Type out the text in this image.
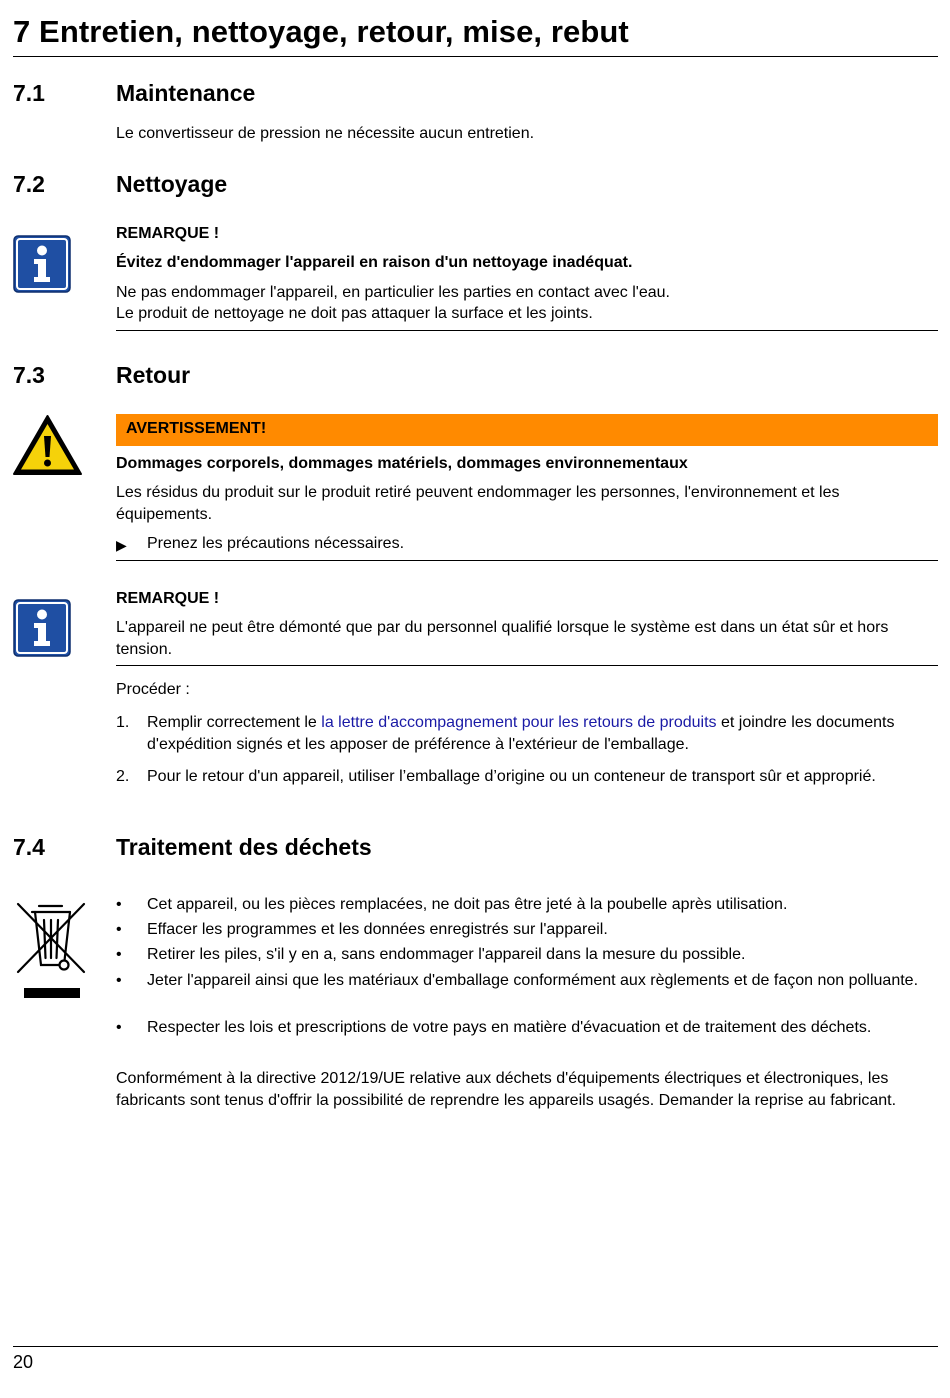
7 Entretien, nettoyage, retour, mise, rebut
7.1	Maintenance
Le convertisseur de pression ne nécessite aucun entretien.
7.2	Nettoyage
REMARQUE !
Évitez d'endommager l'appareil en raison d'un nettoyage inadéquat.
Ne pas endommager l'appareil, en particulier les parties en contact avec l'eau.
Le produit de nettoyage ne doit pas attaquer la surface et les joints.
7.3	Retour
AVERTISSEMENT!
Dommages corporels, dommages matériels, dommages environnementaux
Les résidus du produit sur le produit retiré peuvent endommager les personnes, l'environnement et les équipements.
▶ Prenez les précautions nécessaires.
REMARQUE !
L'appareil ne peut être démonté que par du personnel qualifié lorsque le système est dans un état sûr et hors tension.
Procéder :
1. Remplir correctement le la lettre d'accompagnement pour les retours de produits et joindre les documents d'expédition signés et les apposer de préférence à l'extérieur de l'emballage.
2. Pour le retour d'un appareil, utiliser l’emballage d’origine ou un conteneur de transport sûr et approprié.
7.4	Traitement des déchets
• Cet appareil, ou les pièces remplacées, ne doit pas être jeté à la poubelle après utilisation.
• Effacer les programmes et les données enregistrés sur l'appareil.
• Retirer les piles, s'il y en a, sans endommager l'appareil dans la mesure du possible.
• Jeter l'appareil ainsi que les matériaux d'emballage conformément aux règlements et de façon non polluante.
• Respecter les lois et prescriptions de votre pays en matière d'évacuation et de traitement des déchets.
Conformément à la directive 2012/19/UE relative aux déchets d'équipements électriques et électroniques, les fabricants sont tenus d'offrir la possibilité de reprendre les appareils usagés. Demander la reprise au fabricant.
20
